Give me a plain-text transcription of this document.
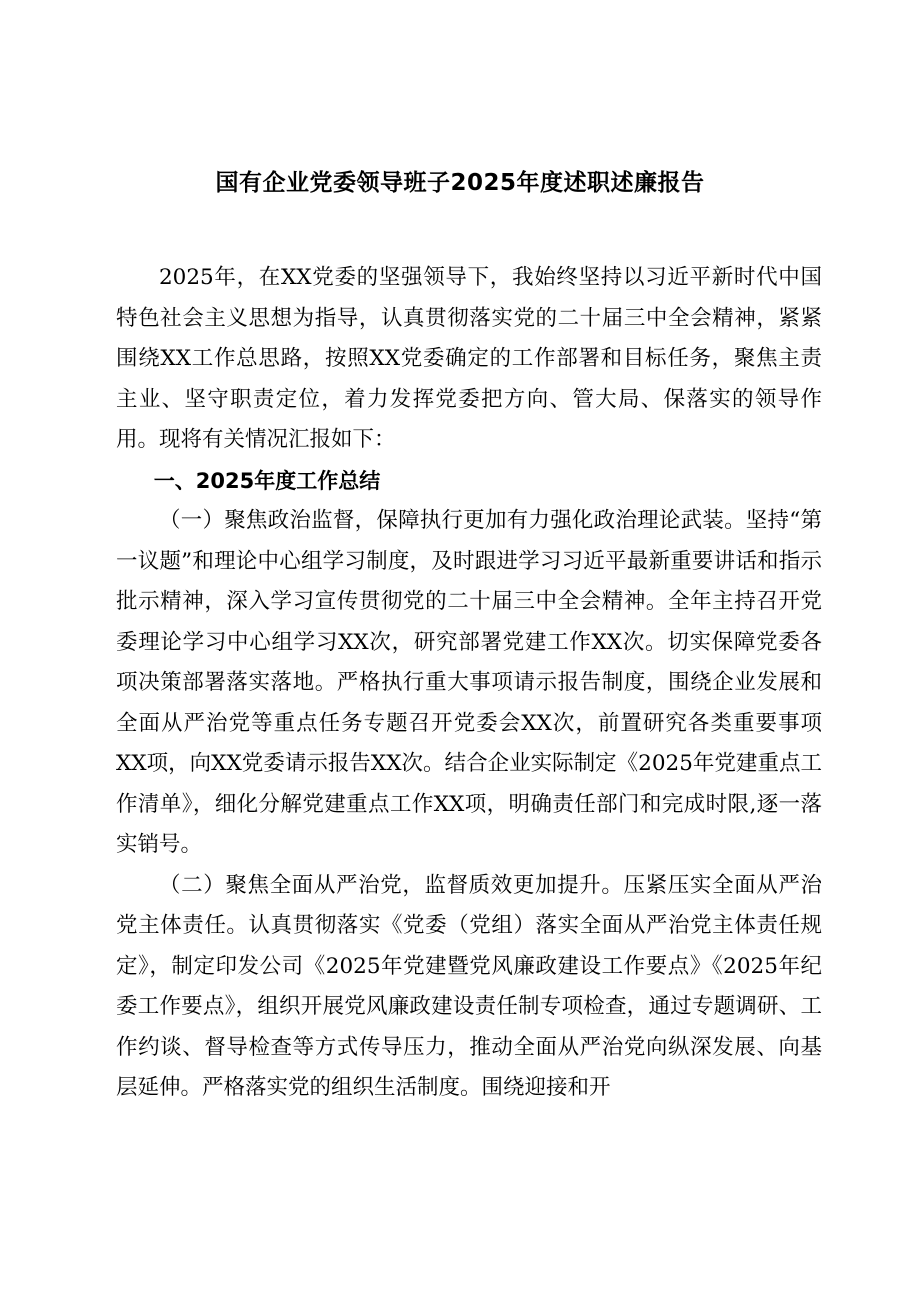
国有企业党委领导班子2025年度述职述廉报告

2025年，在XX党委的坚强领导下，我始终坚持以习近平新时代中国特色社会主义思想为指导，认真贯彻落实党的二十届三中全会精神，紧紧围绕XX工作总思路，按照XX党委确定的工作部署和目标任务，聚焦主责主业、坚守职责定位，着力发挥党委把方向、管大局、保落实的领导作用。现将有关情况汇报如下：

一、2025年度工作总结

（一）聚焦政治监督，保障执行更加有力强化政治理论武装。坚持“第一议题”和理论中心组学习制度，及时跟进学习习近平最新重要讲话和指示批示精神，深入学习宣传贯彻党的二十届三中全会精神。全年主持召开党委理论学习中心组学习XX次，研究部署党建工作XX次。切实保障党委各项决策部署落实落地。严格执行重大事项请示报告制度，围绕企业发展和全面从严治党等重点任务专题召开党委会XX次，前置研究各类重要事项XX项，向XX党委请示报告XX次。结合企业实际制定《2025年党建重点工作清单》，细化分解党建重点工作XX项，明确责任部门和完成时限,逐一落实销号。

（二）聚焦全面从严治党，监督质效更加提升。压紧压实全面从严治党主体责任。认真贯彻落实《党委（党组）落实全面从严治党主体责任规定》，制定印发公司《2025年党建暨党风廉政建设工作要点》《2025年纪委工作要点》，组织开展党风廉政建设责任制专项检查，通过专题调研、工作约谈、督导检查等方式传导压力，推动全面从严治党向纵深发展、向基层延伸。严格落实党的组织生活制度。围绕迎接和开
